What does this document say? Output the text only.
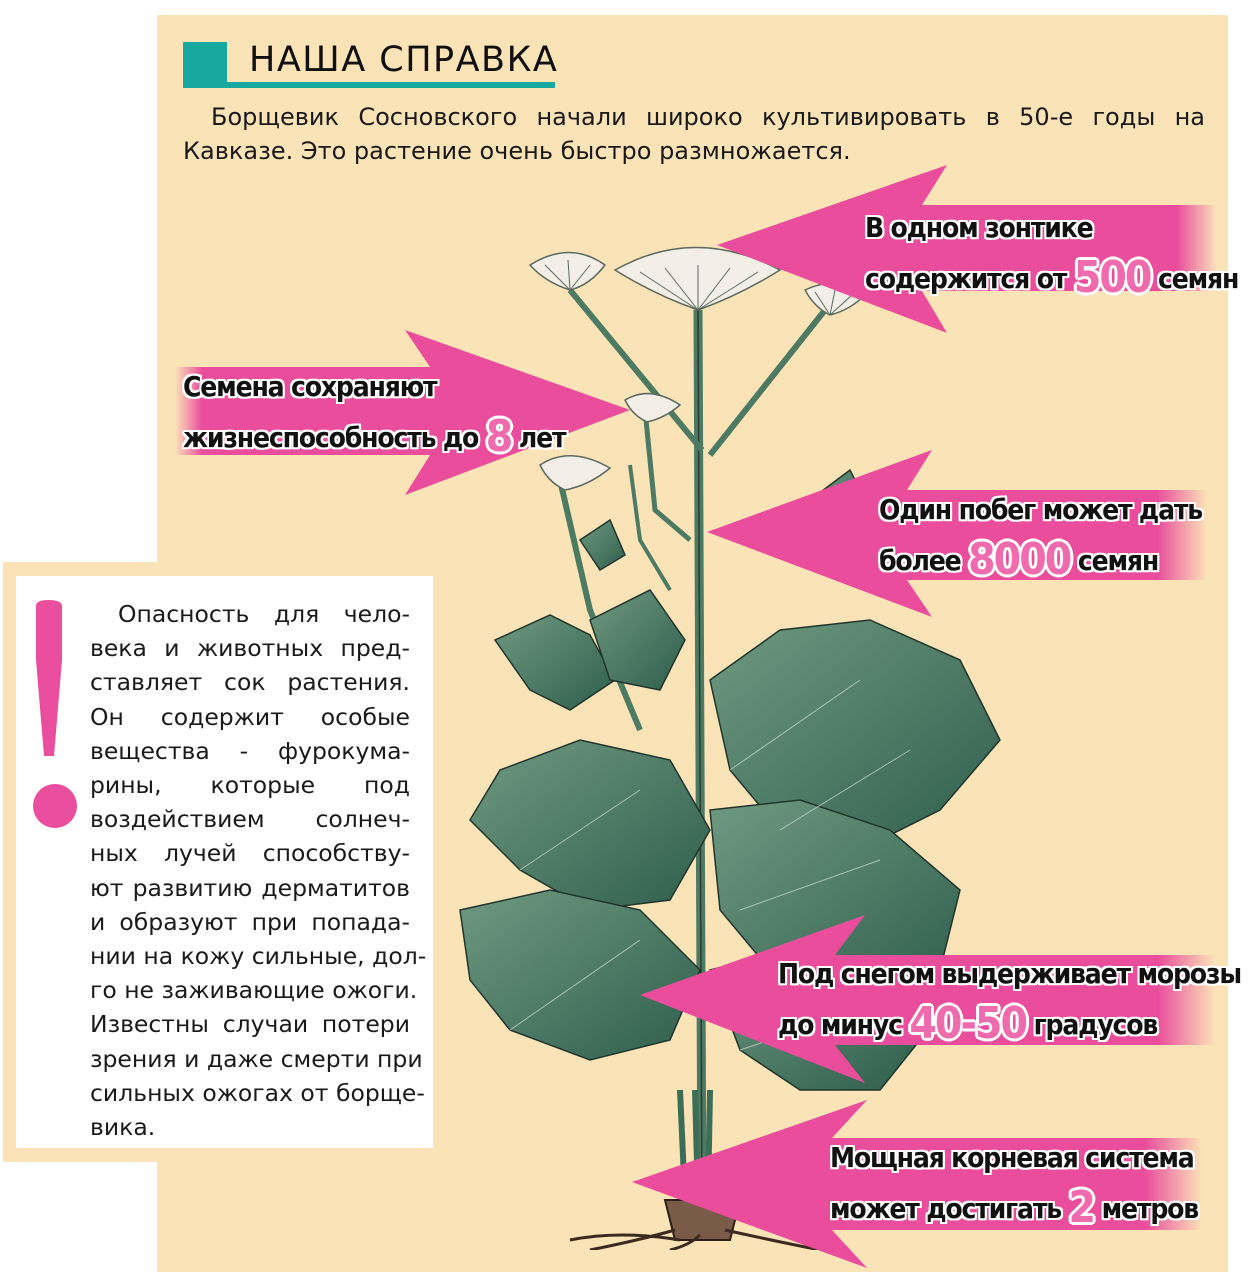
НАША СПРАВКА

Борщевик Сосновского начали широко культивировать в 50-е годы на Кавказе. Это растение очень быстро размножается.

В одном зонтике
содержится от 500 семян
Семена сохраняют
жизнеспособность до 8 лет
Один побег может дать
более 8000 семян
Под снегом выдерживает морозы
до минус 40-50 градусов
Мощная корневая система
может достигать 2 метров
Опасность для чело-
века и животных пред-
ставляет сок растения.
Он содержит особые
вещества - фурокума-
рины, которые под
воздействием солнеч-
ных лучей способству-
ют развитию дерматитов
и образуют при попада-
нии на кожу сильные, дол-
го не заживающие ожоги.
Известны случаи потери
зрения и даже смерти при
сильных ожогах от борще-
вика.
